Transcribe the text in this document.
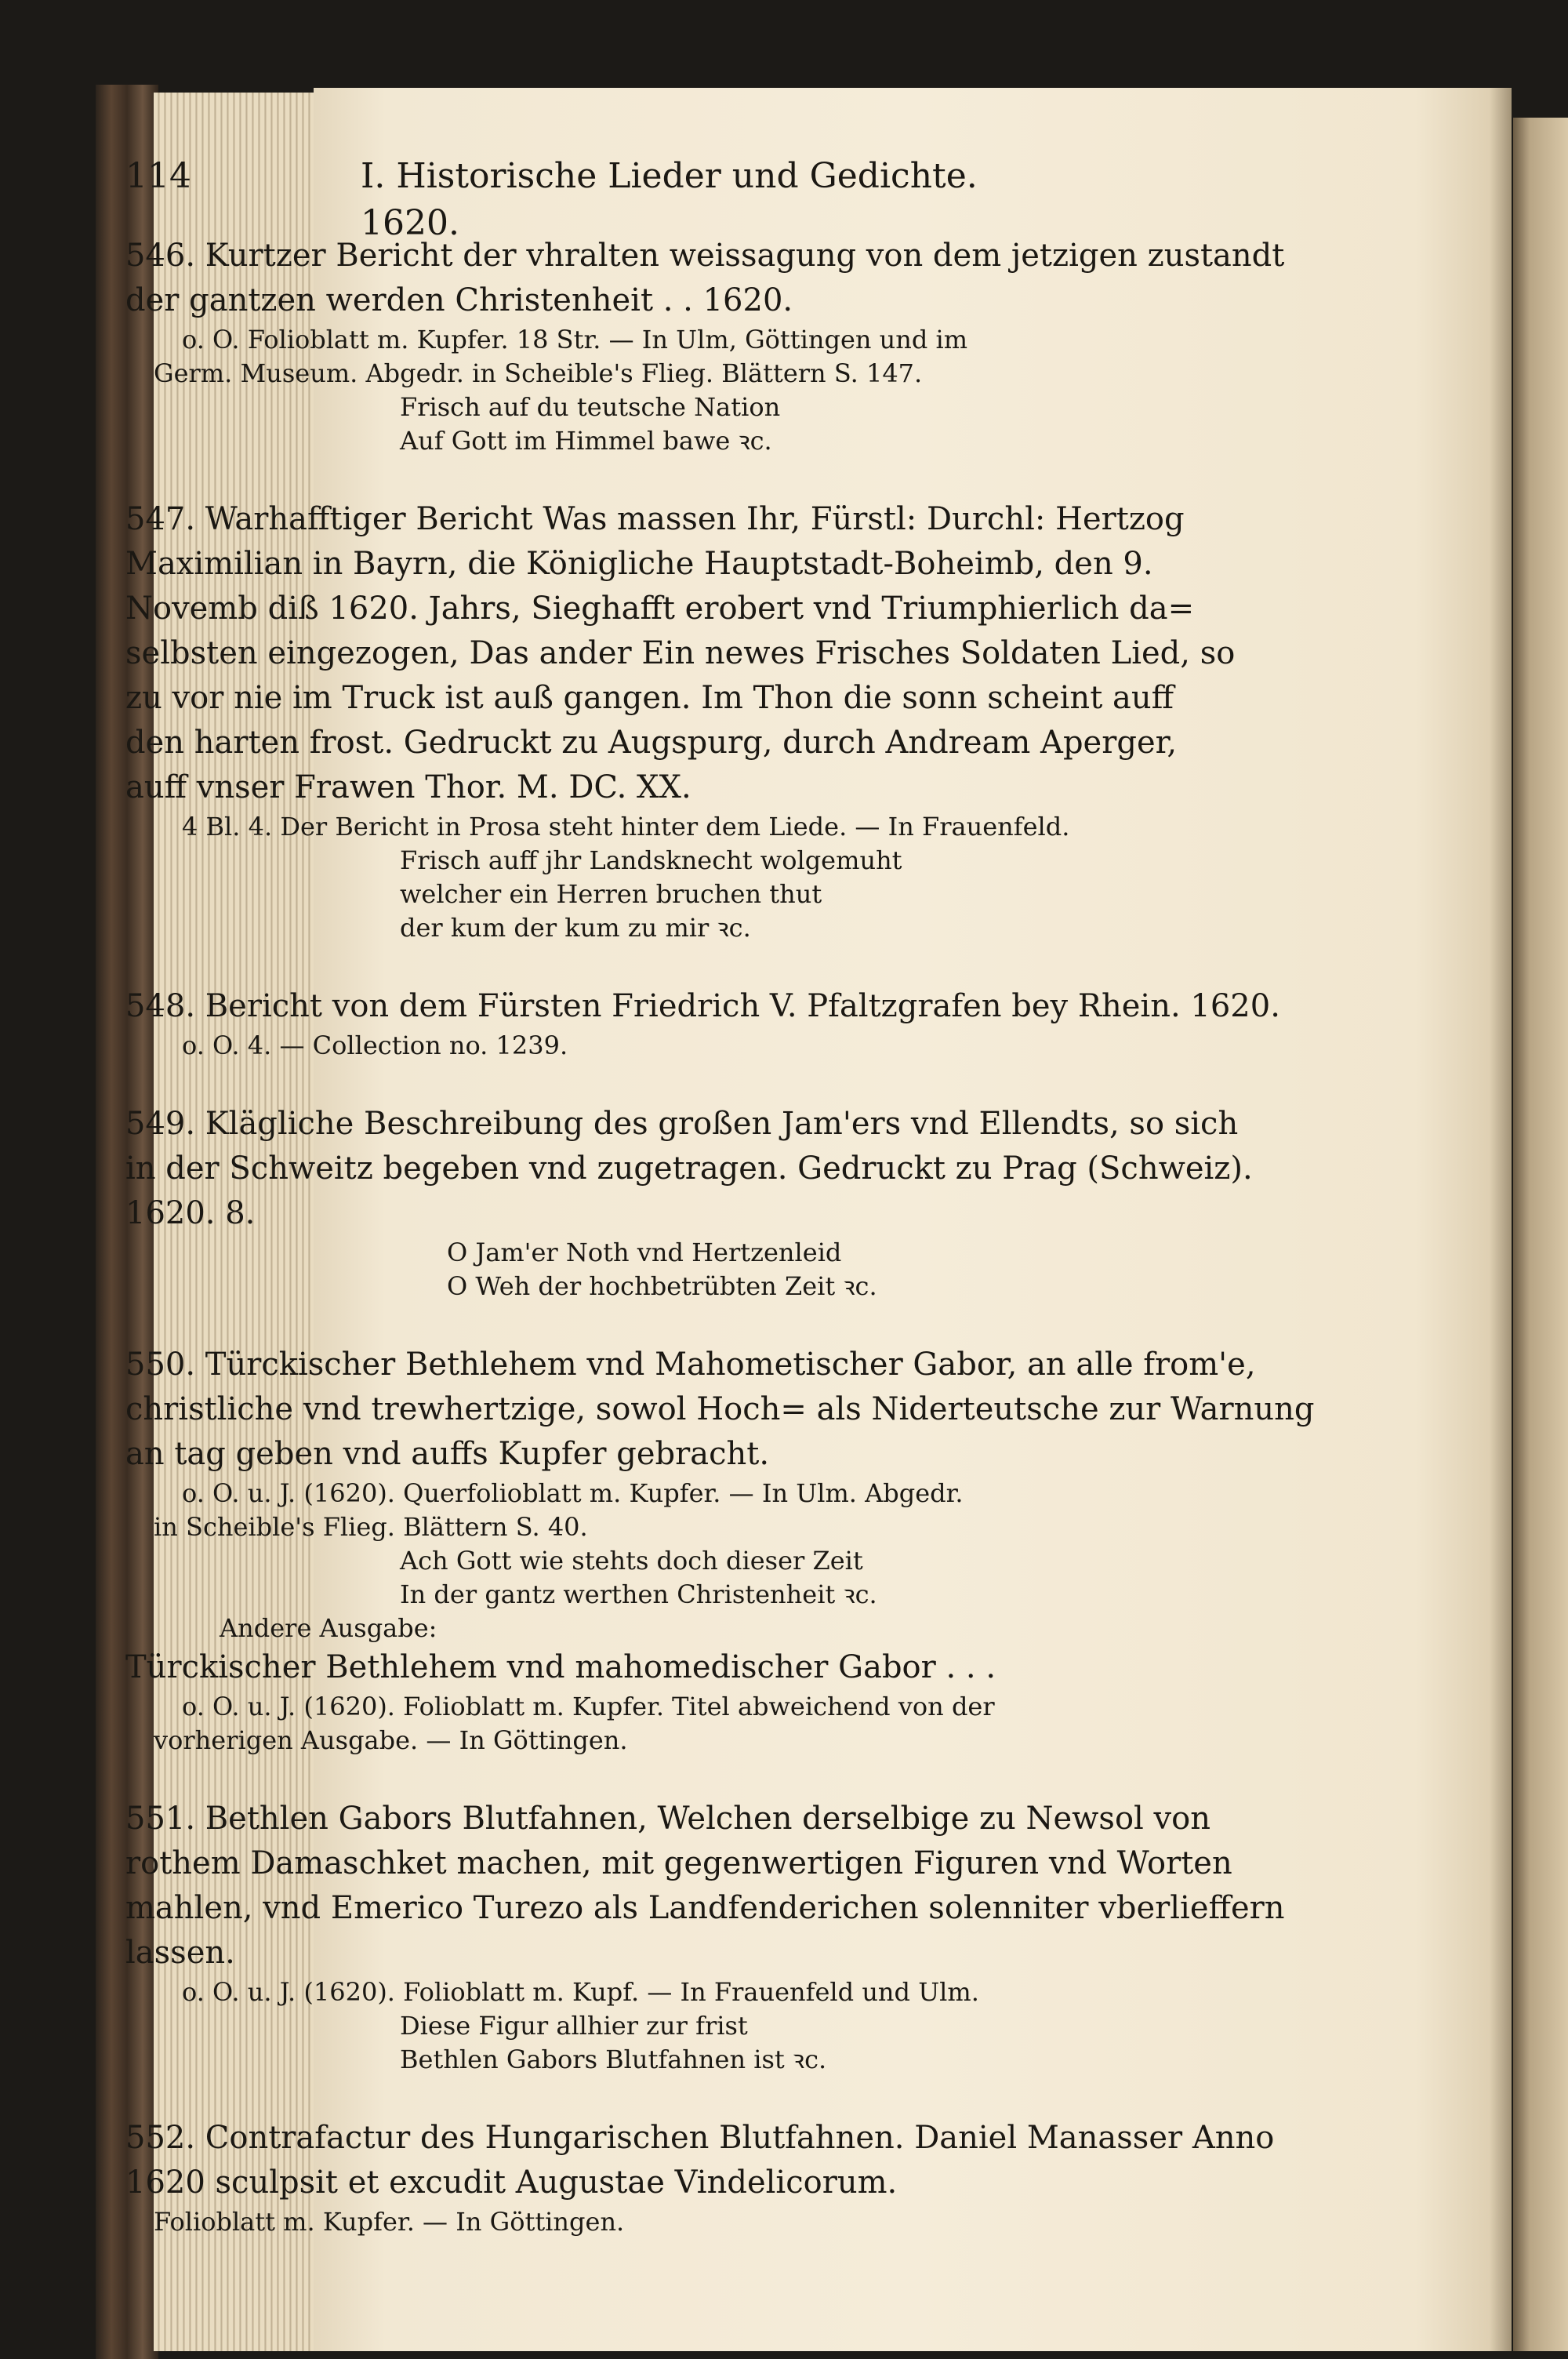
114	I. Historische Lieder und Gedichte. 1620.
546. Kurtzer Bericht der vhralten weissagung von dem jetzigen zustandt
der gantzen werden Christenheit . . 1620.
o. O. Folioblatt m. Kupfer. 18 Str. — In Ulm, Göttingen und im
Germ. Museum. Abgedr. in Scheible's Flieg. Blättern S. 147.
Frisch auf du teutsche Nation
Auf Gott im Himmel bawe ꝛc.
547. Warhafftiger Bericht Was massen Ihr, Fürstl: Durchl: Hertzog
Maximilian in Bayrn, die Königliche Hauptstadt-Boheimb, den 9.
Novemb diß 1620. Jahrs, Sieghafft erobert vnd Triumphierlich da=
selbsten eingezogen, Das ander Ein newes Frisches Soldaten Lied, so
zu vor nie im Truck ist auß gangen. Im Thon die sonn scheint auff
den harten frost. Gedruckt zu Augspurg, durch Andream Aperger,
auff vnser Frawen Thor. M. DC. XX.
4 Bl. 4. Der Bericht in Prosa steht hinter dem Liede. — In Frauenfeld.
Frisch auff jhr Landsknecht wolgemuht
welcher ein Herren bruchen thut
der kum der kum zu mir ꝛc.
548. Bericht von dem Fürsten Friedrich V. Pfaltzgrafen bey Rhein. 1620.
o. O. 4. — Collection no. 1239.
549. Klägliche Beschreibung des großen Jam'ers vnd Ellendts, so sich
in der Schweitz begeben vnd zugetragen. Gedruckt zu Prag (Schweiz).
1620. 8.
O Jam'er Noth vnd Hertzenleid
O Weh der hochbetrübten Zeit ꝛc.
550. Türckischer Bethlehem vnd Mahometischer Gabor, an alle from'e,
christliche vnd trewhertzige, sowol Hoch= als Niderteutsche zur Warnung
an tag geben vnd auffs Kupfer gebracht.
o. O. u. J. (1620). Querfolioblatt m. Kupfer. — In Ulm. Abgedr.
in Scheible's Flieg. Blättern S. 40.
Ach Gott wie stehts doch dieser Zeit
In der gantz werthen Christenheit ꝛc.
Andere Ausgabe:
Türckischer Bethlehem vnd mahomedischer Gabor . . .
o. O. u. J. (1620). Folioblatt m. Kupfer. Titel abweichend von der
vorherigen Ausgabe. — In Göttingen.
551. Bethlen Gabors Blutfahnen, Welchen derselbige zu Newsol von
rothem Damaschket machen, mit gegenwertigen Figuren vnd Worten
mahlen, vnd Emerico Turezo als Landfenderichen solenniter vberlieffern
lassen.
o. O. u. J. (1620). Folioblatt m. Kupf. — In Frauenfeld und Ulm.
Diese Figur allhier zur frist
Bethlen Gabors Blutfahnen ist ꝛc.
552. Contrafactur des Hungarischen Blutfahnen. Daniel Manasser Anno
1620 sculpsit et excudit Augustae Vindelicorum.
Folioblatt m. Kupfer. — In Göttingen.
